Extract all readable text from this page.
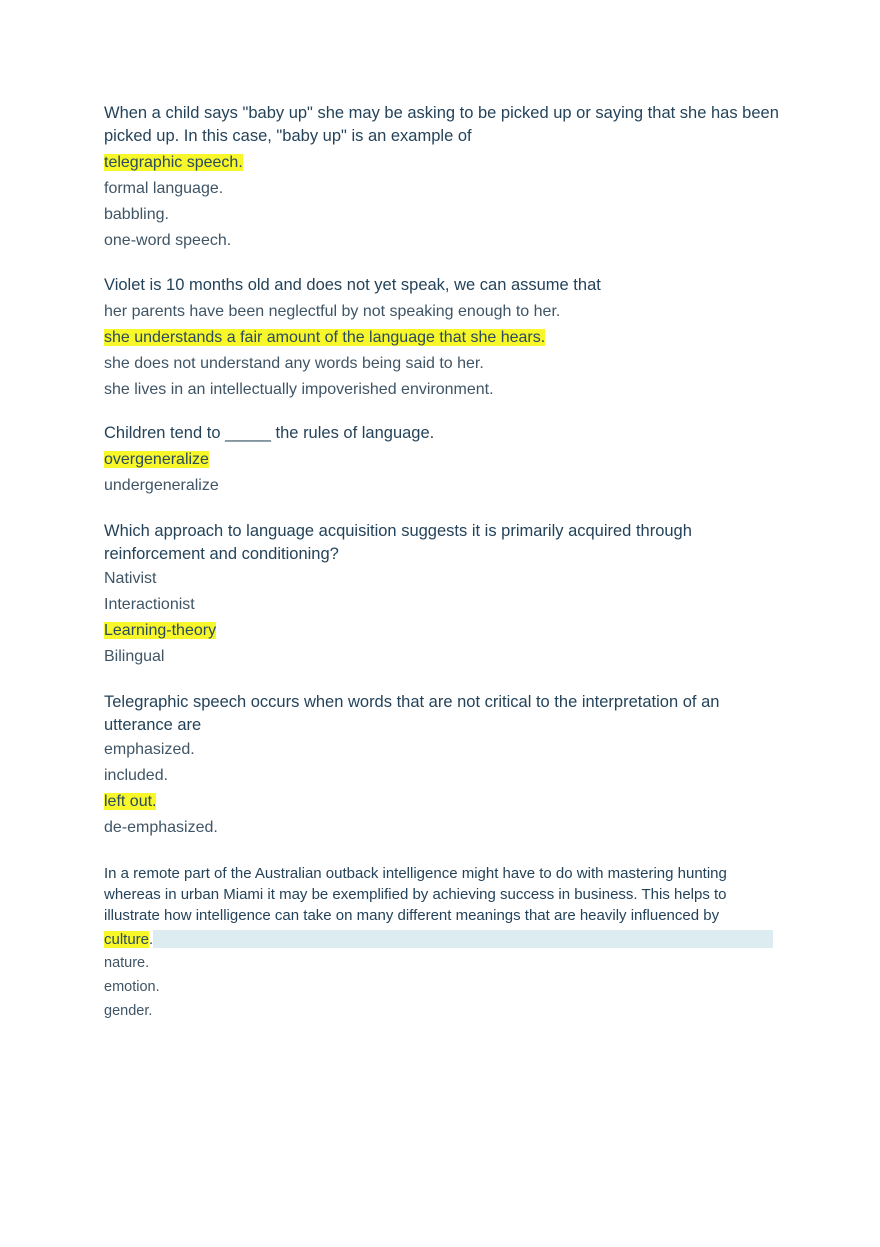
When a child says "baby up" she may be asking to be picked up or saying that she has been picked up. In this case, "baby up" is an example of

telegraphic speech.

formal language.

babbling.

one-word speech.

Violet is 10 months old and does not yet speak, we can assume that

her parents have been neglectful by not speaking enough to her.

she understands a fair amount of the language that she hears.

she does not understand any words being said to her.

she lives in an intellectually impoverished environment.

Children tend to _____ the rules of language.

overgeneralize

undergeneralize

Which approach to language acquisition suggests it is primarily acquired through reinforcement and conditioning?

Nativist

Interactionist

Learning-theory

Bilingual

Telegraphic speech occurs when words that are not critical to the interpretation of an utterance are

emphasized.

included.

left out.

de-emphasized.

In a remote part of the Australian outback intelligence might have to do with mastering hunting whereas in urban Miami it may be exemplified by achieving success in business. This helps to illustrate how intelligence can take on many different meanings that are heavily influenced by

culture .

nature.

emotion.

gender.
